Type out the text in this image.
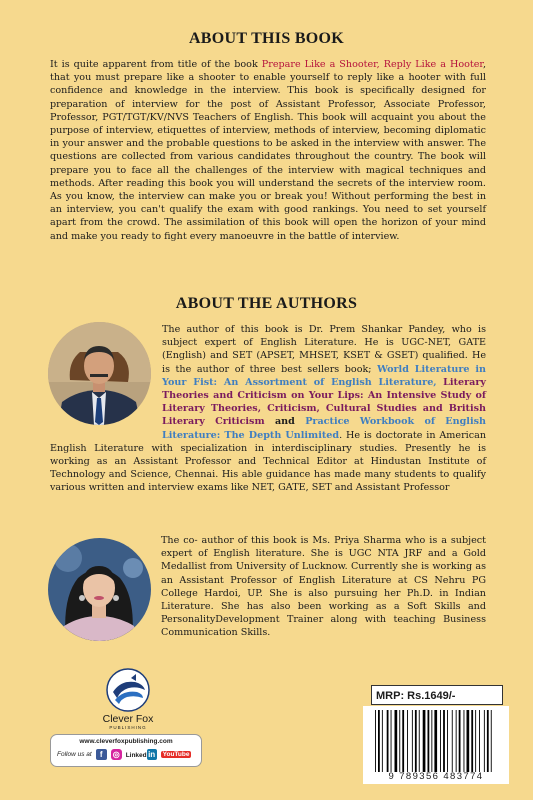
ABOUT THIS BOOK

It is quite apparent from title of the book Prepare Like a Shooter, Reply Like a Hooter, that you must prepare like a shooter to enable yourself to reply like a hooter with full confidence and knowledge in the interview. This book is specifically designed for preparation of interview for the post of Assistant Professor, Associate Professor, Professor, PGT/TGT/KV/NVS Teachers of English. This book will acquaint you about the purpose of interview, etiquettes of interview, methods of interview, becoming diplomatic in your answer and the probable questions to be asked in the interview with answer. The questions are collected from various candidates throughout the country. The book will prepare you to face all the challenges of the interview with magical techniques and methods. After reading this book you will understand the secrets of the interview room. As you know, the interview can make you or break you! Without performing the best in an interview, you can't qualify the exam with good rankings. You need to set yourself apart from the crowd. The assimilation of this book will open the horizon of your mind and make you ready to fight every manoeuvre in the battle of interview.

ABOUT THE AUTHORS

The author of this book is Dr. Prem Shankar Pandey, who is subject expert of English Literature. He is UGC-NET, GATE (English) and SET (APSET, MHSET, KSET & GSET) qualified. He is the author of three best sellers book; World Literature in Your Fist: An Assortment of English Literature, Literary Theories and Criticism on Your Lips: An Intensive Study of Literary Theories, Criticism, Cultural Studies and British Literary Criticism and Practice Workbook of English Literature: The Depth Unlimited. He is doctorate in American English Literature with specialization in interdisciplinary studies. Presently he is working as an Assistant Professor and Technical Editor at Hindustan Institute of Technology and Science, Chennai. His able guidance has made many students to qualify various written and interview exams like NET, GATE, SET and Assistant Professor

The co- author of this book is Ms. Priya Sharma who is a subject expert of English literature. She is UGC NTA JRF and a Gold Medallist from University of Lucknow. Currently she is working as an Assistant Professor of English Literature at CS Nehru PG College Hardoi, UP. She is also pursuing her Ph.D. in Indian Literature. She has also been working as a Soft Skills and PersonalityDevelopment Trainer along with teaching Business Communication Skills.

Clever Fox
PUBLISHING
www.cleverfoxpublishing.com
Follow us at	f	◎ Linkedin	YouTube
MRP: Rs.1649/-
9 789356 483774
